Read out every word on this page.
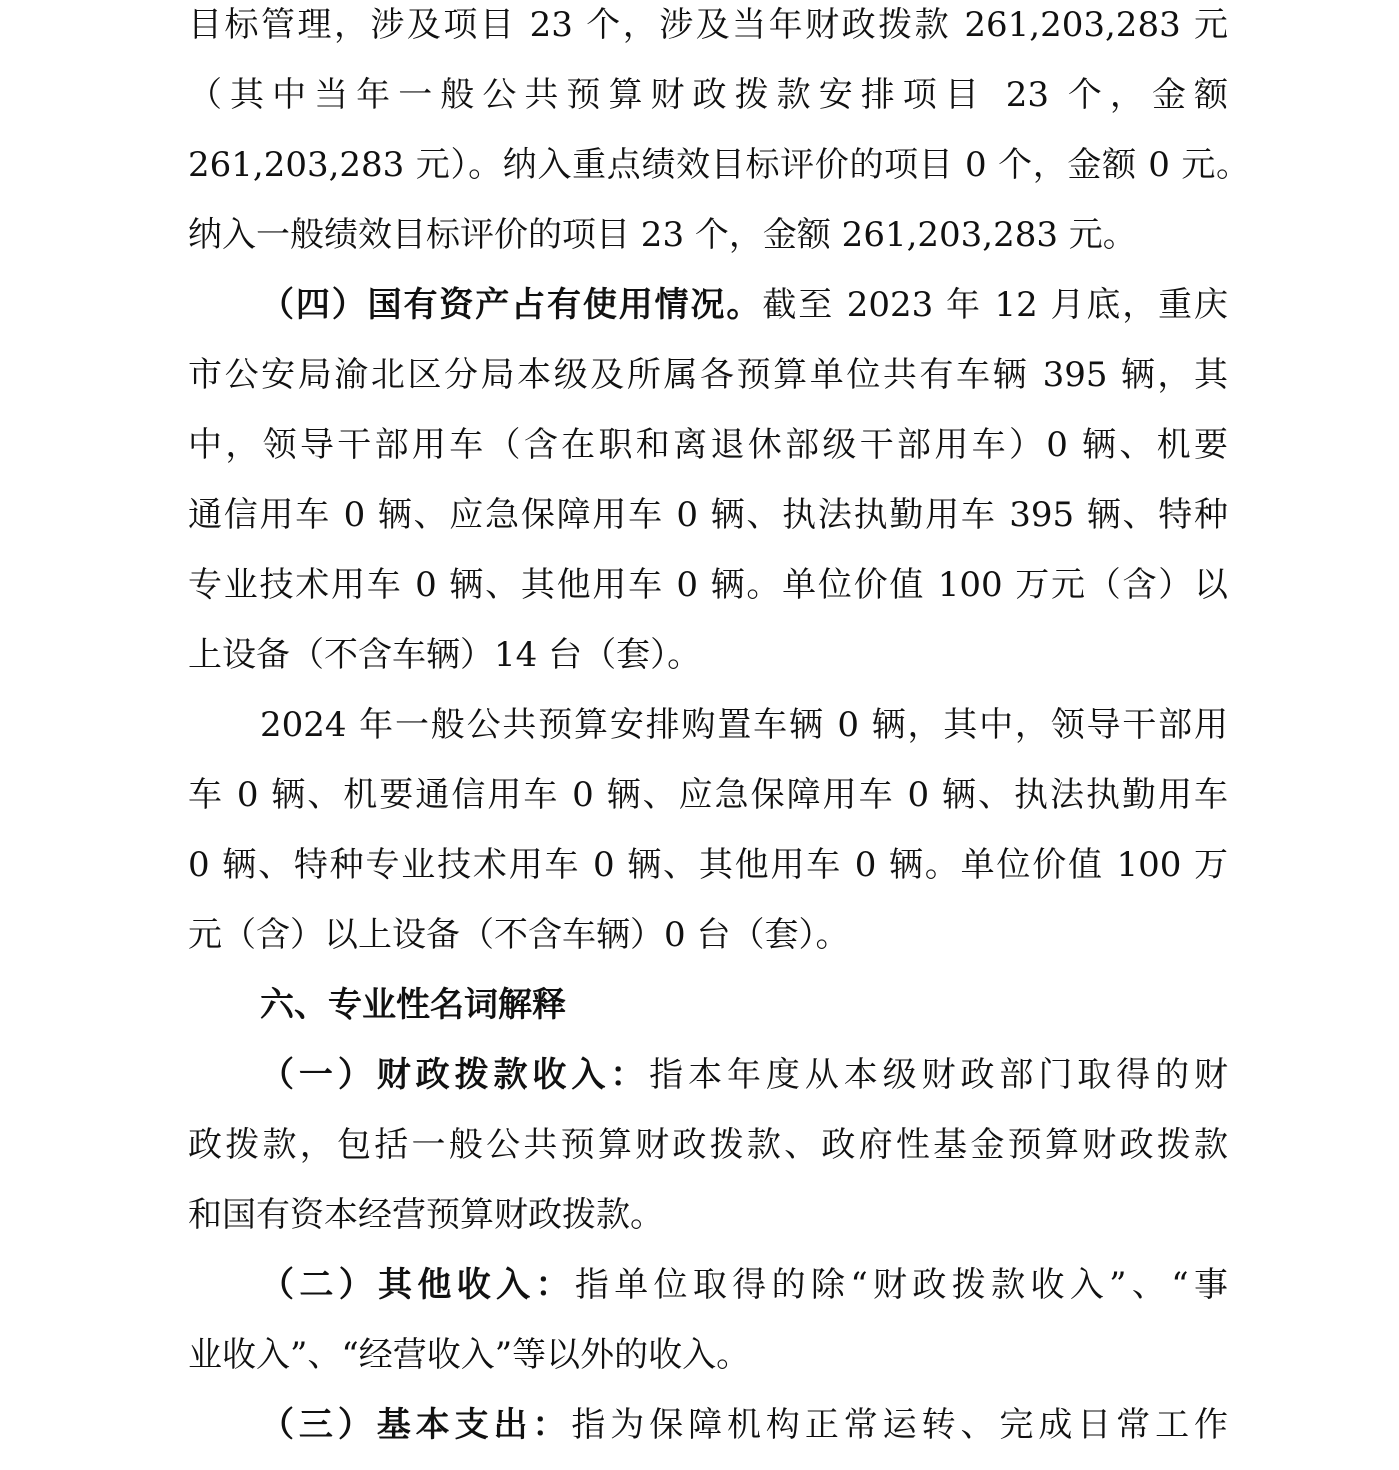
目标管理，涉及项目 23 个，涉及当年财政拨款 261,203,283 元
（其中当年一般公共预算财政拨款安排项目 23 个，金额
261,203,283 元）。纳入重点绩效目标评价的项目 0 个，金额 0 元。
纳入一般绩效目标评价的项目 23 个，金额 261,203,283 元。
（四）国有资产占有使用情况。截至 2023 年 12 月底，重庆
市公安局渝北区分局本级及所属各预算单位共有车辆 395 辆，其
中，领导干部用车（含在职和离退休部级干部用车）0 辆、机要
通信用车 0 辆、应急保障用车 0 辆、执法执勤用车 395 辆、特种
专业技术用车 0 辆、其他用车 0 辆。单位价值 100 万元（含）以
上设备（不含车辆）14 台（套）。
2024 年一般公共预算安排购置车辆 0 辆，其中，领导干部用
车 0 辆、机要通信用车 0 辆、应急保障用车 0 辆、执法执勤用车
0 辆、特种专业技术用车 0 辆、其他用车 0 辆。单位价值 100 万
元（含）以上设备（不含车辆）0 台（套）。
六、专业性名词解释
（一）财政拨款收入：指本年度从本级财政部门取得的财
政拨款，包括一般公共预算财政拨款、政府性基金预算财政拨款
和国有资本经营预算财政拨款。
（二）其他收入：指单位取得的除“财政拨款收入”、“事
业收入”、“经营收入”等以外的收入。
（三）基本支出：指为保障机构正常运转、完成日常工作
